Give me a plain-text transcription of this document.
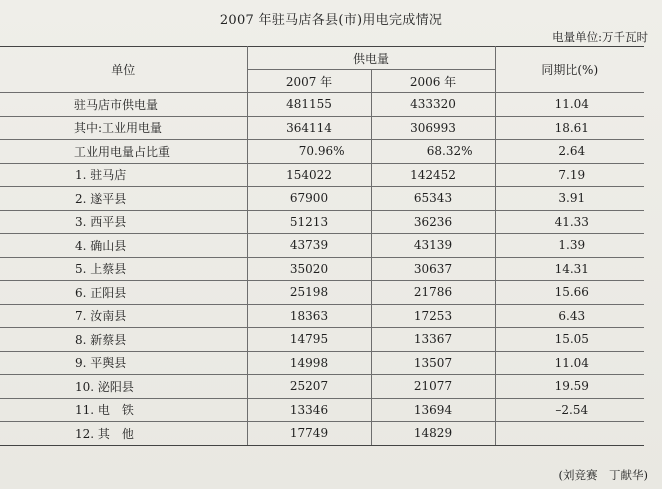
2007 年驻马店各县(市)用电完成情况
电量单位:万千瓦时
单位	供电量		同期比(%)
	2007 年	2006 年	
驻马店市供电量	481155	433320	11.04
其中:工业用电量	364114	306993	18.61
工业用电量占比重	70.96%	68.32%	2.64
1. 驻马店	154022	142452	7.19
2. 遂平县	67900	65343	3.91
3. 西平县	51213	36236	41.33
4. 确山县	43739	43139	1.39
5. 上蔡县	35020	30637	14.31
6. 正阳县	25198	21786	15.66
7. 汝南县	18363	17253	6.43
8. 新蔡县	14795	13367	15.05
9. 平舆县	14998	13507	11.04
10. 泌阳县	25207	21077	19.59
11. 电　铁	13346	13694	–2.54
12. 其　他	17749	14829	
(刘竞赛　丁献华)
